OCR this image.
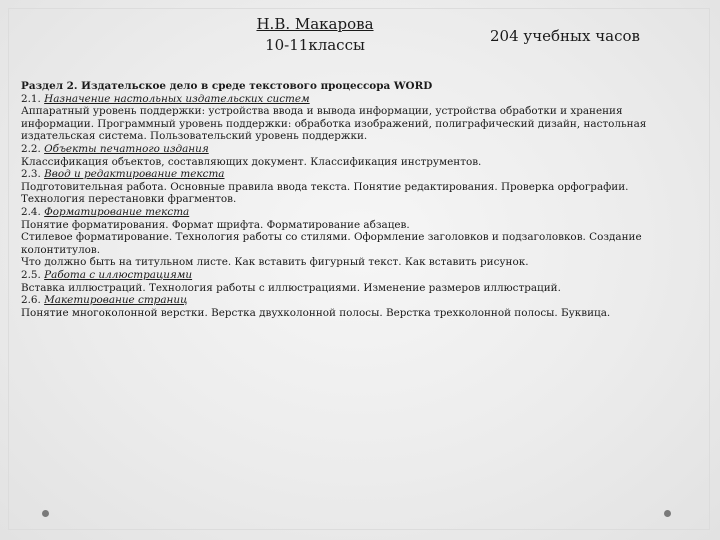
Н.В. Макарова
10-11классы	204 учебных часов

Раздел 2. Издательское дело в среде текстового процессора WORD

2.1. Назначение настольных издательских систем

Аппаратный уровень поддержки: устройства ввода и вывода информации, устройства обработки и хранения информации. Программный уровень поддержки: обработка изображений, полиграфический дизайн, настольная издательская система. Пользовательский уровень поддержки.

2.2. Объекты печатного издания

Классификация объектов, составляющих документ. Классификация инструментов.

2.3. Ввод и редактирование текста

Подготовительная работа. Основные правила ввода текста. Понятие редактирования. Проверка орфографии. Технология перестановки фрагментов.

2.4. Форматирование текста

Понятие форматирования. Формат шрифта. Форматирование абзацев.

Стилевое форматирование. Технология работы со стилями. Оформление заголовков и подзаголовков. Создание колонтитулов.

Что должно быть на титульном листе. Как вставить фигурный текст. Как вставить рисунок.

2.5. Работа с иллюстрациями

Вставка иллюстраций. Технология работы с иллюстрациями. Изменение размеров иллюстраций.

2.6. Макетирование страниц

Понятие многоколонной верстки. Верстка двухколонной полосы. Верстка трехколонной полосы. Буквица.
